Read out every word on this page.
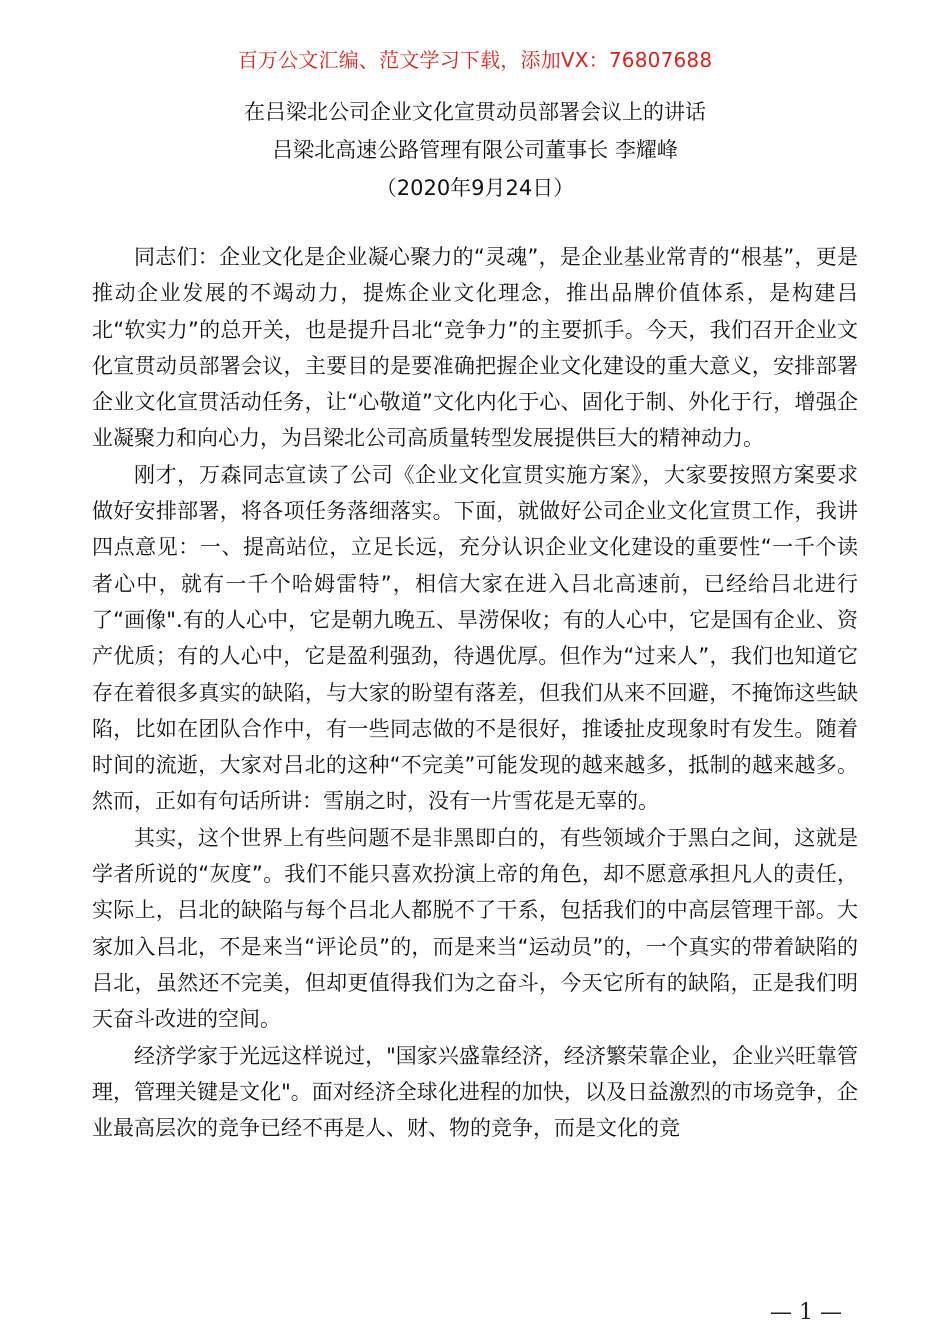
百万公文汇编、范文学习下载，添加VX：76807688

在吕梁北公司企业文化宣贯动员部署会议上的讲话

吕梁北高速公路管理有限公司董事长 李耀峰

（2020年9月24日）

同志们：企业文化是企业凝心聚力的“灵魂”，是企业基业常青的“根基”，更是推动企业发展的不竭动力，提炼企业文化理念，推出品牌价值体系，是构建吕北“软实力”的总开关，也是提升吕北“竞争力”的主要抓手。今天，我们召开企业文化宣贯动员部署会议，主要目的是要准确把握企业文化建设的重大意义，安排部署企业文化宣贯活动任务，让“心敬道”文化内化于心、固化于制、外化于行，增强企业凝聚力和向心力，为吕梁北公司高质量转型发展提供巨大的精神动力。

刚才，万森同志宣读了公司《企业文化宣贯实施方案》，大家要按照方案要求做好安排部署，将各项任务落细落实。下面，就做好公司企业文化宣贯工作，我讲四点意见：一、提高站位，立足长远，充分认识企业文化建设的重要性“一千个读者心中，就有一千个哈姆雷特”，相信大家在进入吕北高速前，已经给吕北进行了“画像".有的人心中，它是朝九晚五、旱涝保收；有的人心中，它是国有企业、资产优质；有的人心中，它是盈利强劲，待遇优厚。但作为“过来人”，我们也知道它存在着很多真实的缺陷，与大家的盼望有落差，但我们从来不回避，不掩饰这些缺陷，比如在团队合作中，有一些同志做的不是很好，推诿扯皮现象时有发生。随着时间的流逝，大家对吕北的这种“不完美”可能发现的越来越多，抵制的越来越多。然而，正如有句话所讲：雪崩之时，没有一片雪花是无辜的。

其实，这个世界上有些问题不是非黑即白的，有些领域介于黑白之间，这就是学者所说的“灰度”。我们不能只喜欢扮演上帝的角色，却不愿意承担凡人的责任，实际上，吕北的缺陷与每个吕北人都脱不了干系，包括我们的中高层管理干部。大家加入吕北，不是来当“评论员”的，而是来当“运动员”的，一个真实的带着缺陷的吕北，虽然还不完美，但却更值得我们为之奋斗，今天它所有的缺陷，正是我们明天奋斗改进的空间。

经济学家于光远这样说过，"国家兴盛靠经济，经济繁荣靠企业，企业兴旺靠管理，管理关键是文化"。面对经济全球化进程的加快，以及日益激烈的市场竞争，企业最高层次的竞争已经不再是人、财、物的竞争，而是文化的竞

— 1 —
